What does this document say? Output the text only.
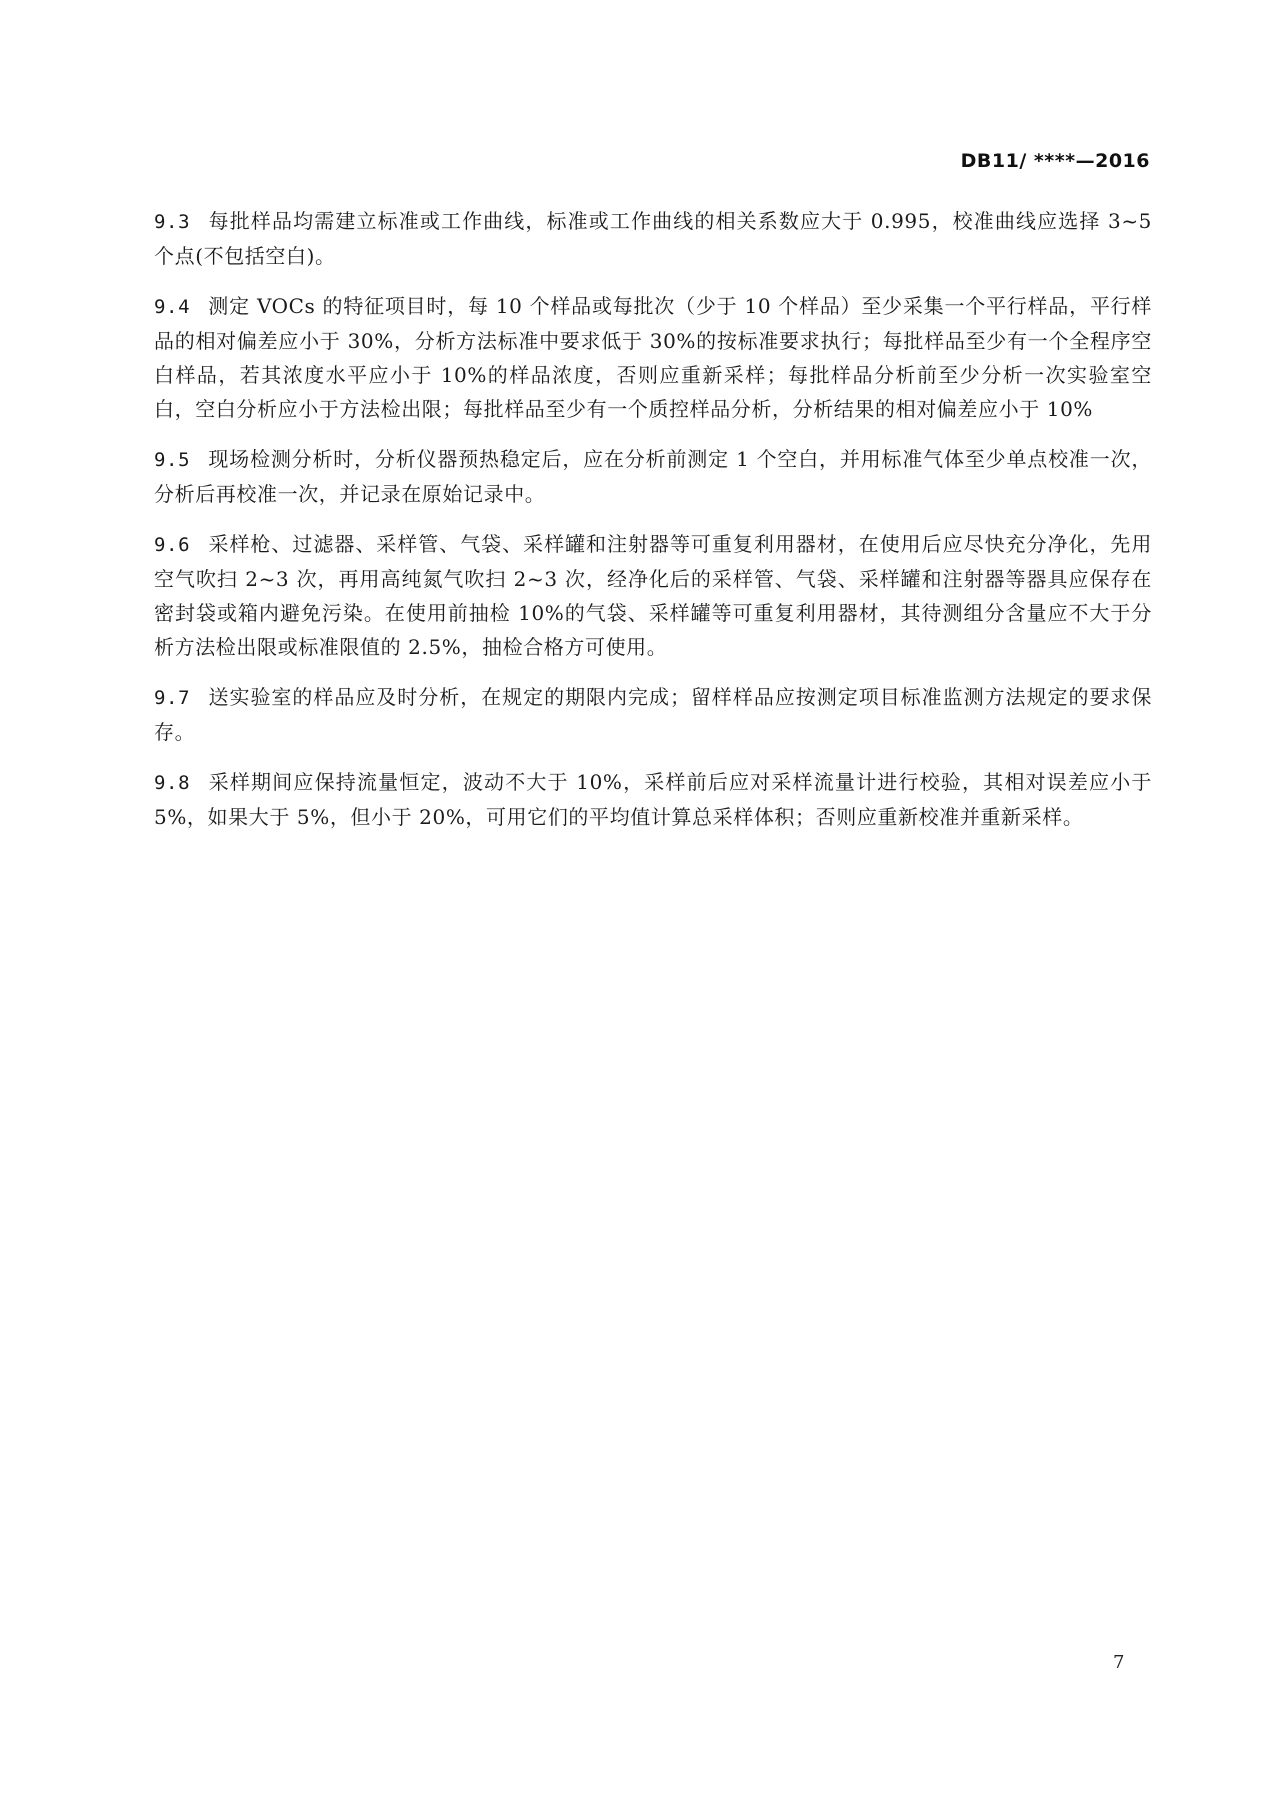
DB11/ ****—2016

9.3 每批样品均需建立标准或工作曲线，标准或工作曲线的相关系数应大于 0.995，校准曲线应选择 3~5 个点(不包括空白)。

9.4 测定 VOCs 的特征项目时，每 10 个样品或每批次（少于 10 个样品）至少采集一个平行样品，平行样品的相对偏差应小于 30%，分析方法标准中要求低于 30%的按标准要求执行；每批样品至少有一个全程序空白样品，若其浓度水平应小于 10%的样品浓度，否则应重新采样；每批样品分析前至少分析一次实验室空白，空白分析应小于方法检出限；每批样品至少有一个质控样品分析，分析结果的相对偏差应小于 10%

9.5 现场检测分析时，分析仪器预热稳定后，应在分析前测定 1 个空白，并用标准气体至少单点校准一次，分析后再校准一次，并记录在原始记录中。

9.6 采样枪、过滤器、采样管、气袋、采样罐和注射器等可重复利用器材，在使用后应尽快充分净化，先用空气吹扫 2~3 次，再用高纯氮气吹扫 2~3 次，经净化后的采样管、气袋、采样罐和注射器等器具应保存在密封袋或箱内避免污染。在使用前抽检 10%的气袋、采样罐等可重复利用器材，其待测组分含量应不大于分析方法检出限或标准限值的 2.5%，抽检合格方可使用。

9.7 送实验室的样品应及时分析，在规定的期限内完成；留样样品应按测定项目标准监测方法规定的要求保存。

9.8 采样期间应保持流量恒定，波动不大于 10%，采样前后应对采样流量计进行校验，其相对误差应小于 5%，如果大于 5%，但小于 20%，可用它们的平均值计算总采样体积；否则应重新校准并重新采样。

7
